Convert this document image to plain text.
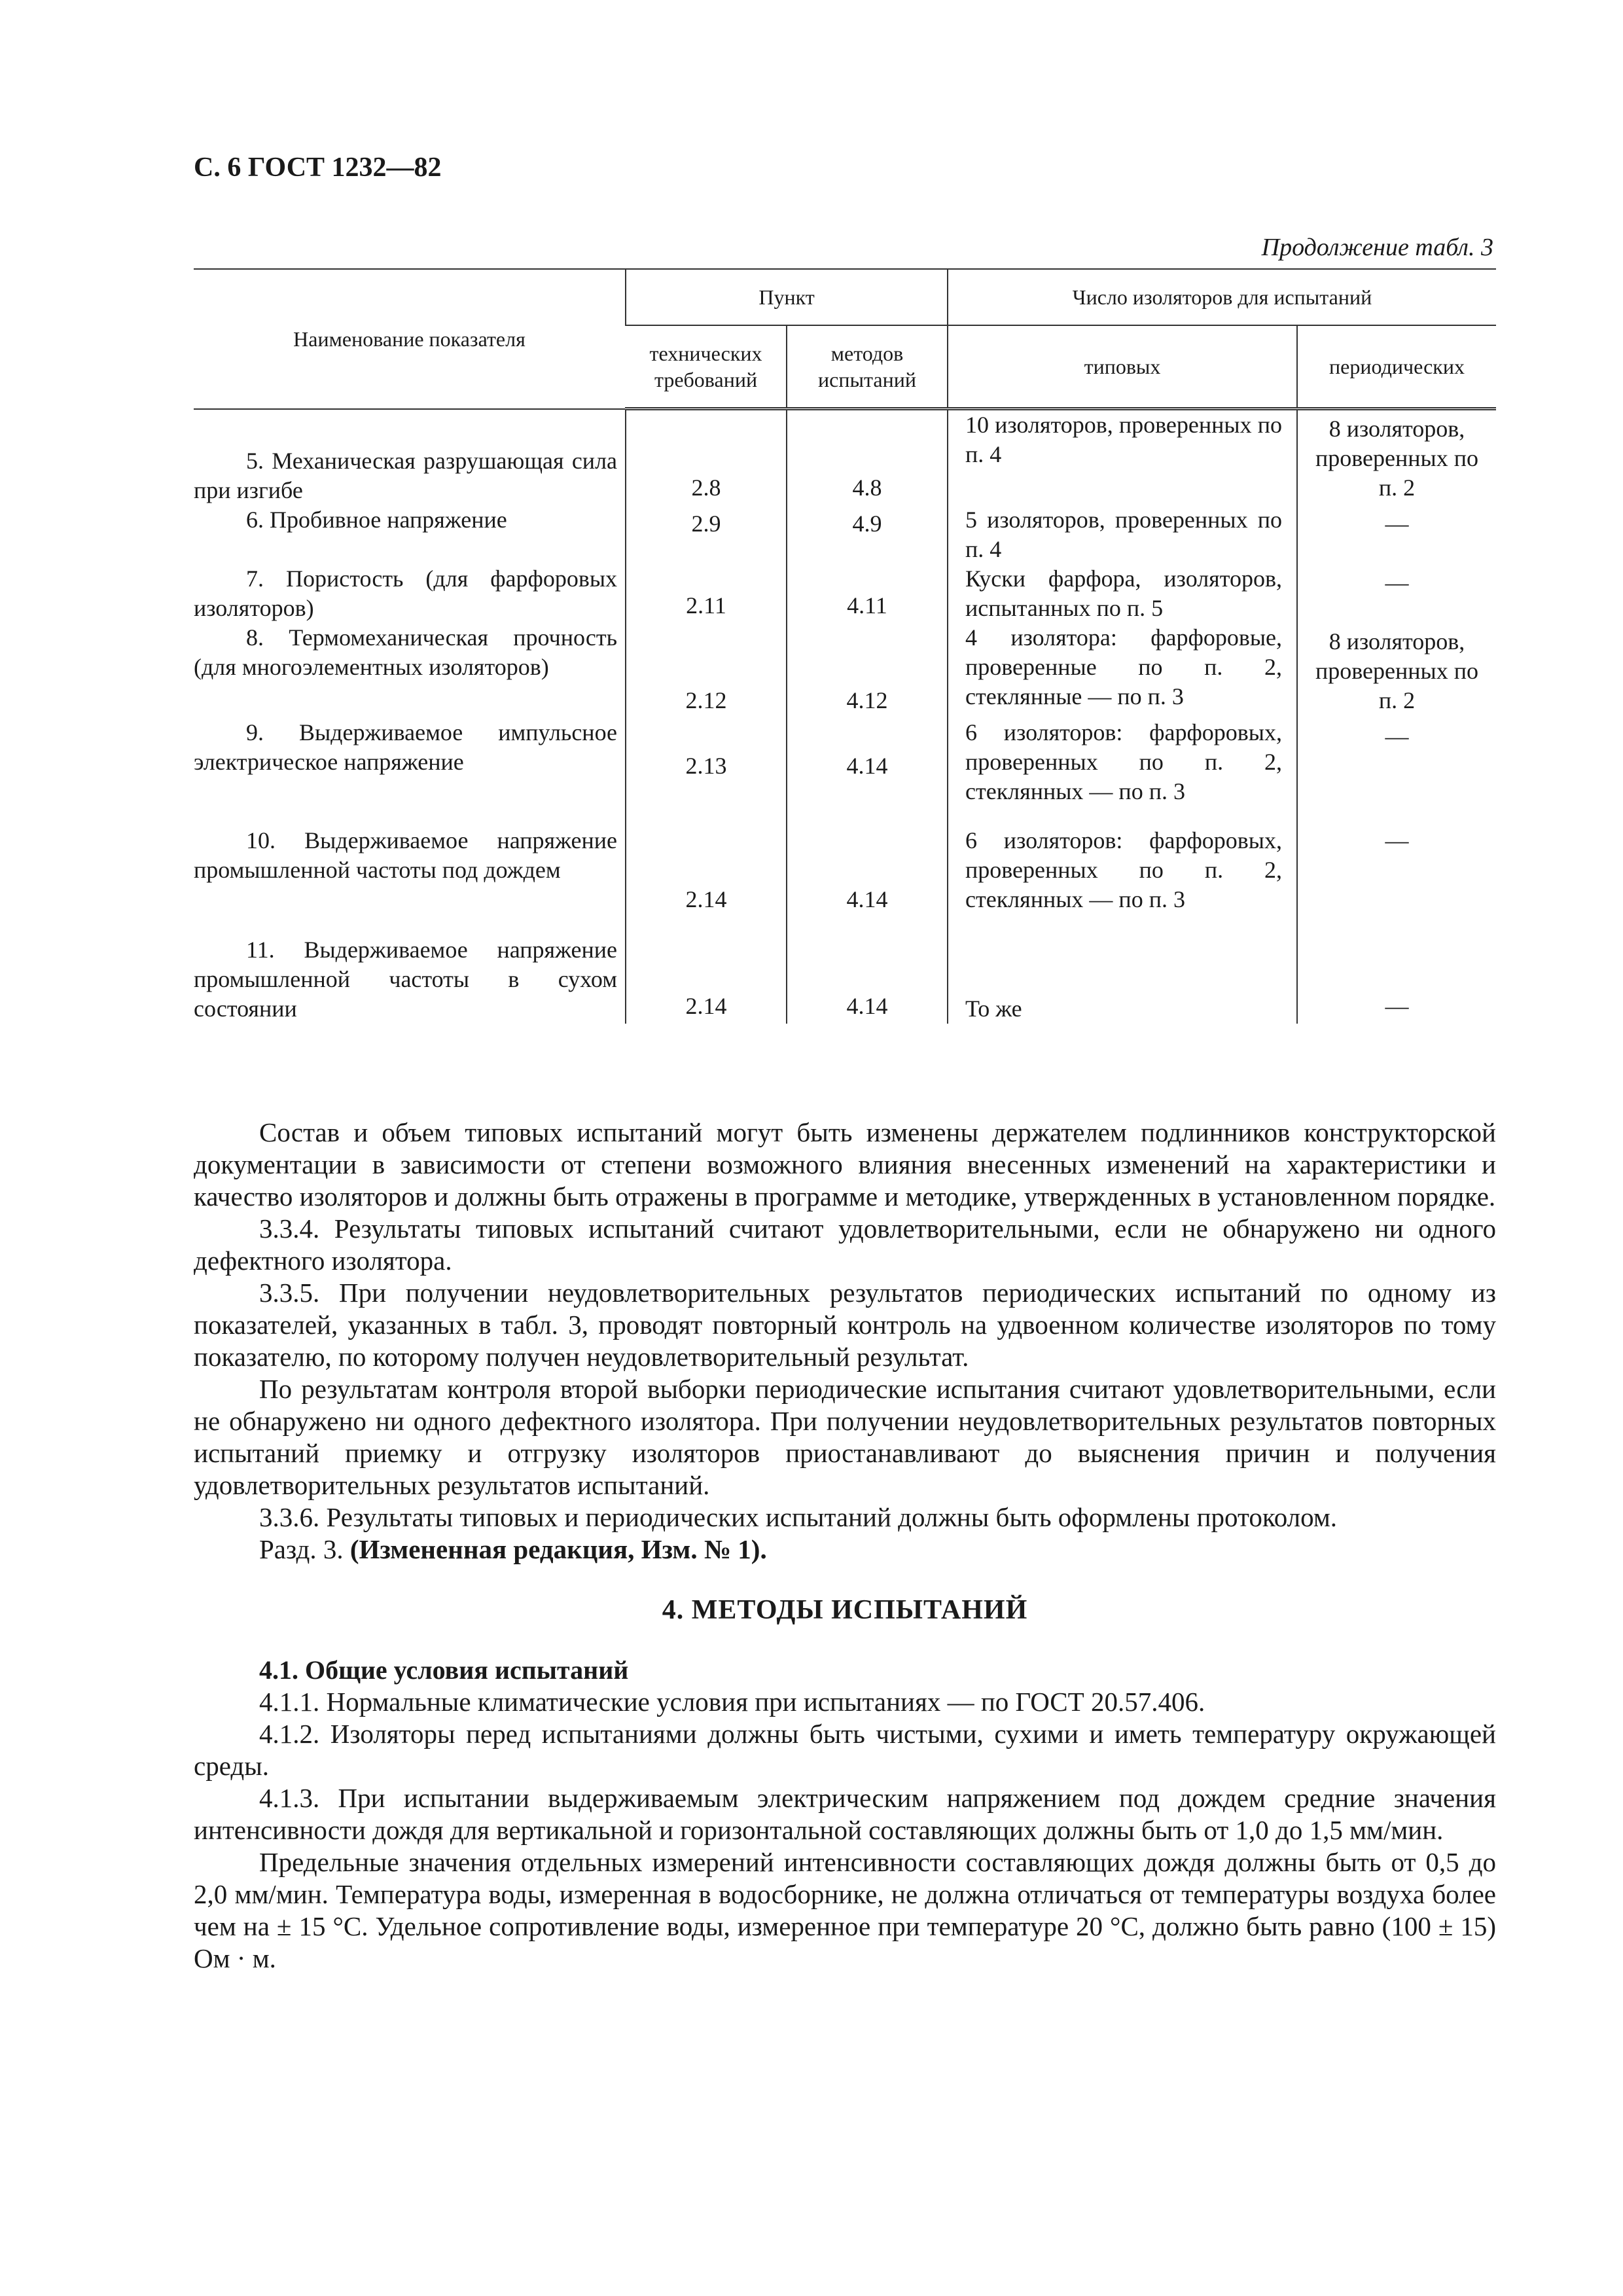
С. 6 ГОСТ 1232—82
Продолжение табл. 3
Наименование показателя	Пункт		Число изоляторов для испытаний	
	технических требований	методов испытаний	типовых	периодических
5. Механическая разрушающая сила при изгибе	2.8	4.8	10 изоляторов, проверенных по п. 4	8 изоляторов, проверенных по п. 2
6. Пробивное напряжение	2.9	4.9	5 изоляторов, проверенных по п. 4	—
7. Пористость (для фарфоровых изоляторов)	2.11	4.11	Куски фарфора, изоляторов, испытанных по п. 5	—
8. Термомеханическая прочность (для многоэлементных изоляторов)	2.12	4.12	4 изолятора: фарфоровые, проверенные по п. 2, стеклянные — по п. 3	8 изоляторов, проверенных по п. 2
9. Выдерживаемое импульсное электрическое напряжение	2.13	4.14	6 изоляторов: фарфоровых, проверенных по п. 2, стеклянных — по п. 3	—
10. Выдерживаемое напряжение промышленной частоты под дождем	2.14	4.14	6 изоляторов: фарфоровых, проверенных по п. 2, стеклянных — по п. 3	—
11. Выдерживаемое напряжение промышленной частоты в сухом состоянии	2.14	4.14	То же	—

Состав и объем типовых испытаний могут быть изменены держателем подлинников конструкторской документации в зависимости от степени возможного влияния внесенных изменений на характеристики и качество изоляторов и должны быть отражены в программе и методике, утвержденных в установленном порядке.

3.3.4. Результаты типовых испытаний считают удовлетворительными, если не обнаружено ни одного дефектного изолятора.

3.3.5. При получении неудовлетворительных результатов периодических испытаний по одному из показателей, указанных в табл. 3, проводят повторный контроль на удвоенном количестве изоляторов по тому показателю, по которому получен неудовлетворительный результат.

По результатам контроля второй выборки периодические испытания считают удовлетворительными, если не обнаружено ни одного дефектного изолятора. При получении неудовлетворительных результатов повторных испытаний приемку и отгрузку изоляторов приостанавливают до выяснения причин и получения удовлетворительных результатов испытаний.

3.3.6. Результаты типовых и периодических испытаний должны быть оформлены протоколом.

Разд. 3. (Измененная редакция, Изм. № 1).

4. МЕТОДЫ ИСПЫТАНИЙ
4.1. Общие условия испытаний

4.1.1. Нормальные климатические условия при испытаниях — по ГОСТ 20.57.406.

4.1.2. Изоляторы перед испытаниями должны быть чистыми, сухими и иметь температуру окружающей среды.

4.1.3. При испытании выдерживаемым электрическим напряжением под дождем средние значения интенсивности дождя для вертикальной и горизонтальной составляющих должны быть от 1,0 до 1,5 мм/мин.

Предельные значения отдельных измерений интенсивности составляющих дождя должны быть от 0,5 до 2,0 мм/мин. Температура воды, измеренная в водосборнике, не должна отличаться от температуры воздуха более чем на ± 15 °С. Удельное сопротивление воды, измеренное при температуре 20 °С, должно быть равно (100 ± 15) Ом · м.
